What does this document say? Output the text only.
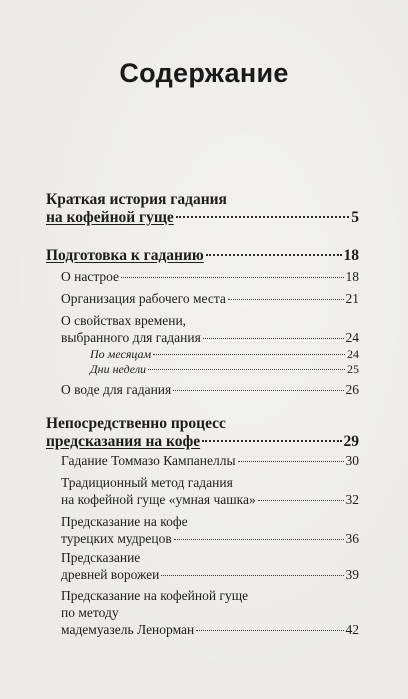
Содержание
Краткая история гадания
на кофейной гуще	5
Подготовка к гаданию	18
О настрое	18
Организация рабочего места	21
О свойствах времени,
выбранного для гадания	24
По месяцам	24
Дни недели	25
О воде для гадания	26
Непосредственно процесс
предсказания на кофе	29
Гадание Томмазо Кампанеллы	30
Традиционный метод гадания
на кофейной гуще «умная чашка»	32
Предсказание на кофе
турецких мудрецов	36
Предсказание
древней ворожеи	39
Предсказание на кофейной гуще
по методу
мадемуазель Ленорман	42
